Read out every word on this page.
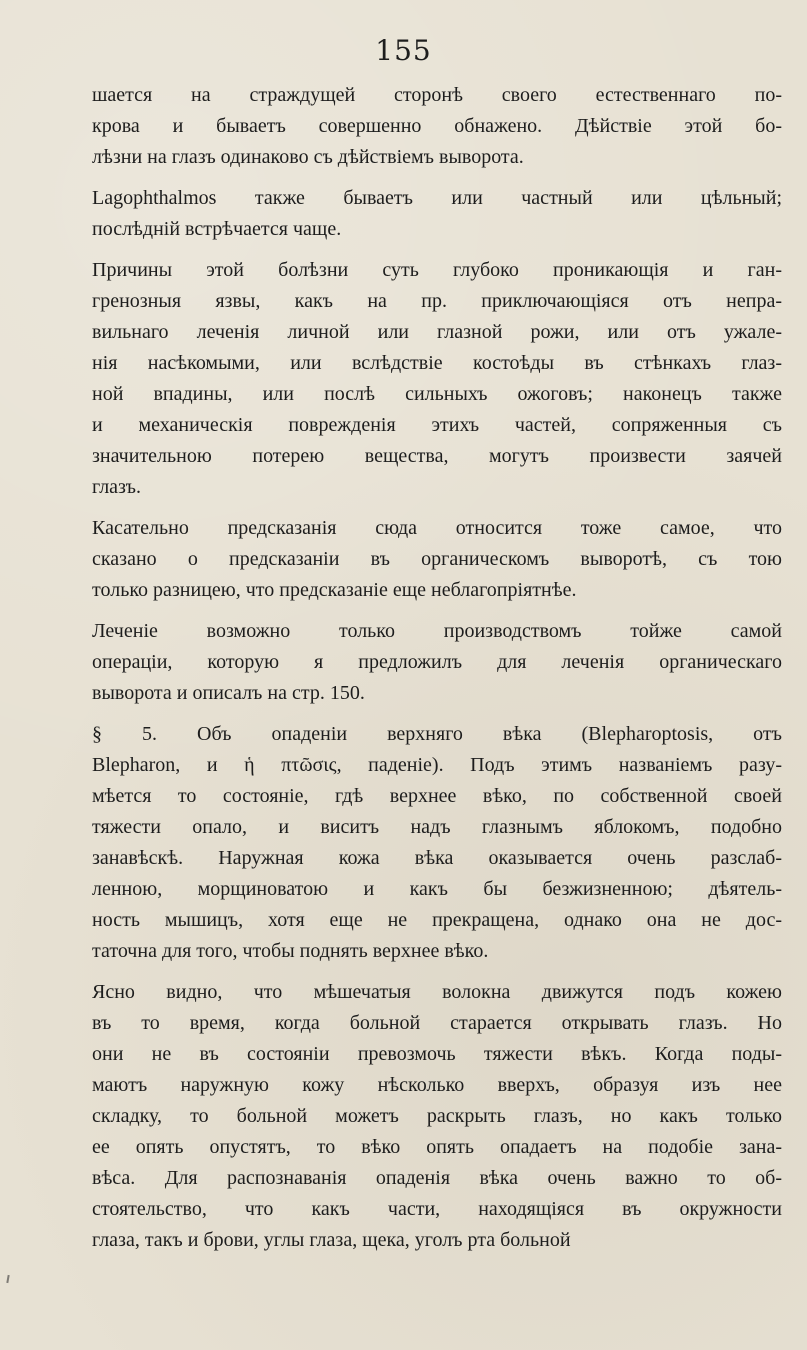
155
шается на страждущей сторонѣ своего естественнаго по-
крова и бываетъ совершенно обнажено. Дѣйствіе этой бо-
лѣзни на глазъ одинаково съ дѣйствіемъ выворота.
Lagophthalmos также бываетъ или частный или цѣльный;
послѣдній встрѣчается чаще.
Причины этой болѣзни суть глубоко проникающія и ган-
гренозныя язвы, какъ на пр. приключающіяся отъ непра-
вильнаго леченія личной или глазной рожи, или отъ ужале-
нія насѣкомыми, или вслѣдствіе костоѣды въ стѣнкахъ глаз-
ной впадины, или послѣ сильныхъ ожоговъ; наконецъ также
и механическія поврежденія этихъ частей, сопряженныя съ
значительною потерею вещества, могутъ произвести заячей
глазъ.
Касательно предсказанія сюда относится тоже самое, что
сказано о предсказаніи въ органическомъ выворотѣ, съ тою
только разницею, что предсказаніе еще неблагопріятнѣе.
Леченіе возможно только производствомъ тойже самой
операціи, которую я предложилъ для леченія органическаго
выворота и описалъ на стр. 150.
§ 5. Объ опаденіи верхняго вѣка (Blepharoptosis, отъ
Blepharon, и ἡ πτῶσις, паденіе). Подъ этимъ названіемъ разу-
мѣется то состояніе, гдѣ верхнее вѣко, по собственной своей
тяжести опало, и виситъ надъ глазнымъ яблокомъ, подобно
занавѣскѣ. Наружная кожа вѣка оказывается очень разслаб-
ленною, морщиноватою и какъ бы безжизненною; дѣятель-
ность мышицъ, хотя еще не прекращена, однако она не дос-
таточна для того, чтобы поднять верхнее вѣко.
Ясно видно, что мѣшечатыя волокна движутся подъ кожею
въ то время, когда больной старается открывать глазъ. Но
они не въ состояніи превозмочь тяжести вѣкъ. Когда поды-
маютъ наружную кожу нѣсколько вверхъ, образуя изъ нее
складку, то больной можетъ раскрыть глазъ, но какъ только
ее опять опустятъ, то вѣко опять опадаетъ на подобіе зана-
вѣса. Для распознаванія опаденія вѣка очень важно то об-
стоятельство, что какъ части, находящіяся въ окружности
глаза, такъ и брови, углы глаза, щека, уголъ рта больной
